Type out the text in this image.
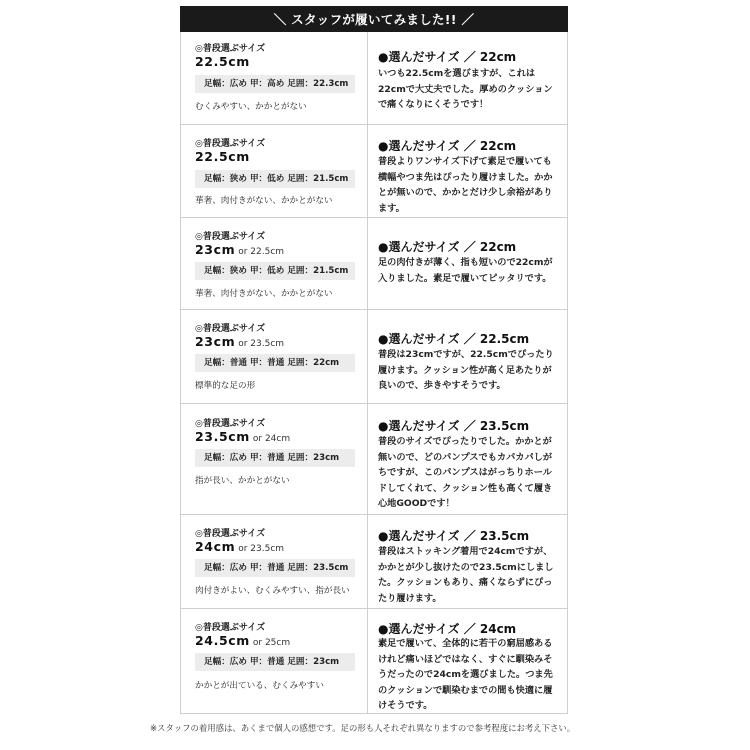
＼ スタッフが履いてみました!! ／
◎普段選ぶサイズ
22.5cm
足幅：広め 甲：高め 足囲：22.3cm
むくみやすい、かかとがない
●選んだサイズ ／ 22cm
いつも22.5cmを選びますが、これは22cmで大丈夫でした。厚めのクッションで痛くなりにくそうです！
◎普段選ぶサイズ
22.5cm
足幅：狭め 甲：低め 足囲：21.5cm
華奢、肉付きがない、かかとがない
●選んだサイズ ／ 22cm
普段よりワンサイズ下げて素足で履いても横幅やつま先はぴったり履けました。かかとが無いので、かかとだけ少し余裕があります。
◎普段選ぶサイズ
23cm or 22.5cm
足幅：狭め 甲：低め 足囲：21.5cm
華奢、肉付きがない、かかとがない
●選んだサイズ ／ 22cm
足の肉付きが薄く、指も短いので22cmが入りました。素足で履いてピッタリです。
◎普段選ぶサイズ
23cm or 23.5cm
足幅：普通 甲：普通 足囲：22cm
標準的な足の形
●選んだサイズ ／ 22.5cm
普段は23cmですが、22.5cmでぴったり履けます。クッション性が高く足あたりが良いので、歩きやすそうです。
◎普段選ぶサイズ
23.5cm or 24cm
足幅：広め 甲：普通 足囲：23cm
指が長い、かかとがない
●選んだサイズ ／ 23.5cm
普段のサイズでぴったりでした。かかとが無いので、どのパンプスでもカパカパしがちですが、このパンプスはがっちりホールドしてくれて、クッション性も高くて履き心地GOODです！
◎普段選ぶサイズ
24cm or 23.5cm
足幅：広め 甲：普通 足囲：23.5cm
肉付きがよい、むくみやすい、指が長い
●選んだサイズ ／ 23.5cm
普段はストッキング着用で24cmですが、かかとが少し抜けたので23.5cmにしました。クッションもあり、痛くならずにぴったり履けます。
◎普段選ぶサイズ
24.5cm or 25cm
足幅：広め 甲：普通 足囲：23cm
かかとが出ている、むくみやすい
●選んだサイズ ／ 24cm
素足で履いて、全体的に若干の窮屈感あるけれど痛いほどではなく、すぐに馴染みそうだったので24cmを選びました。つま先のクッションで馴染むまでの間も快適に履けそうです。
※スタッフの着用感は、あくまで個人の感想です。足の形も人それぞれ異なりますので参考程度にお考え下さい。
